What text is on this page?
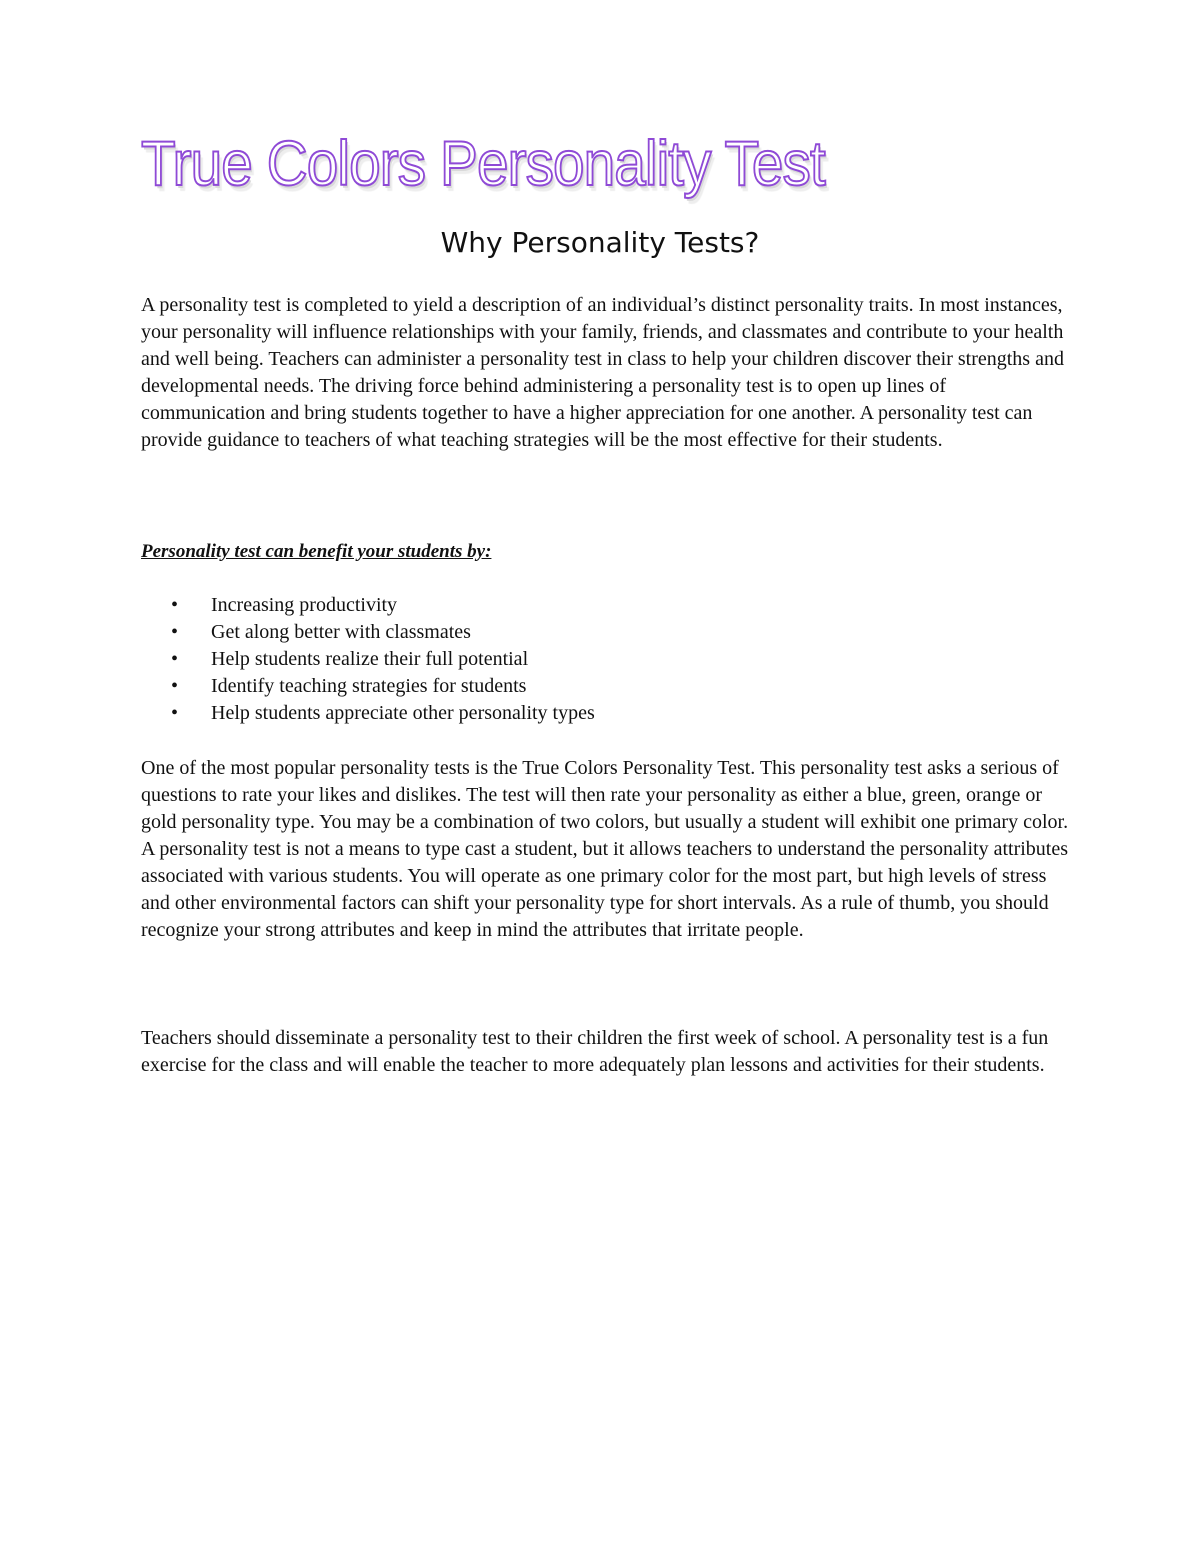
True Colors Personality Test
Why Personality Tests?

A personality test is completed to yield a description of an individual’s distinct personality traits. In most instances, your personality will influence relationships with your family, friends, and classmates and contribute to your health and well being. Teachers can administer a personality test in class to help your children discover their strengths and developmental needs. The driving force behind administering a personality test is to open up lines of communication and bring students together to have a higher appreciation for one another. A personality test can provide guidance to teachers of what teaching strategies will be the most effective for their students.

Personality test can benefit your students by:

• Increasing productivity
• Get along better with classmates
• Help students realize their full potential
• Identify teaching strategies for students
• Help students appreciate other personality types

One of the most popular personality tests is the True Colors Personality Test. This personality test asks a serious of questions to rate your likes and dislikes. The test will then rate your personality as either a blue, green, orange or gold personality type. You may be a combination of two colors, but usually a student will exhibit one primary color. A personality test is not a means to type cast a student, but it allows teachers to understand the personality attributes associated with various students. You will operate as one primary color for the most part, but high levels of stress and other environmental factors can shift your personality type for short intervals. As a rule of thumb, you should recognize your strong attributes and keep in mind the attributes that irritate people.

Teachers should disseminate a personality test to their children the first week of school. A personality test is a fun exercise for the class and will enable the teacher to more adequately plan lessons and activities for their students.
